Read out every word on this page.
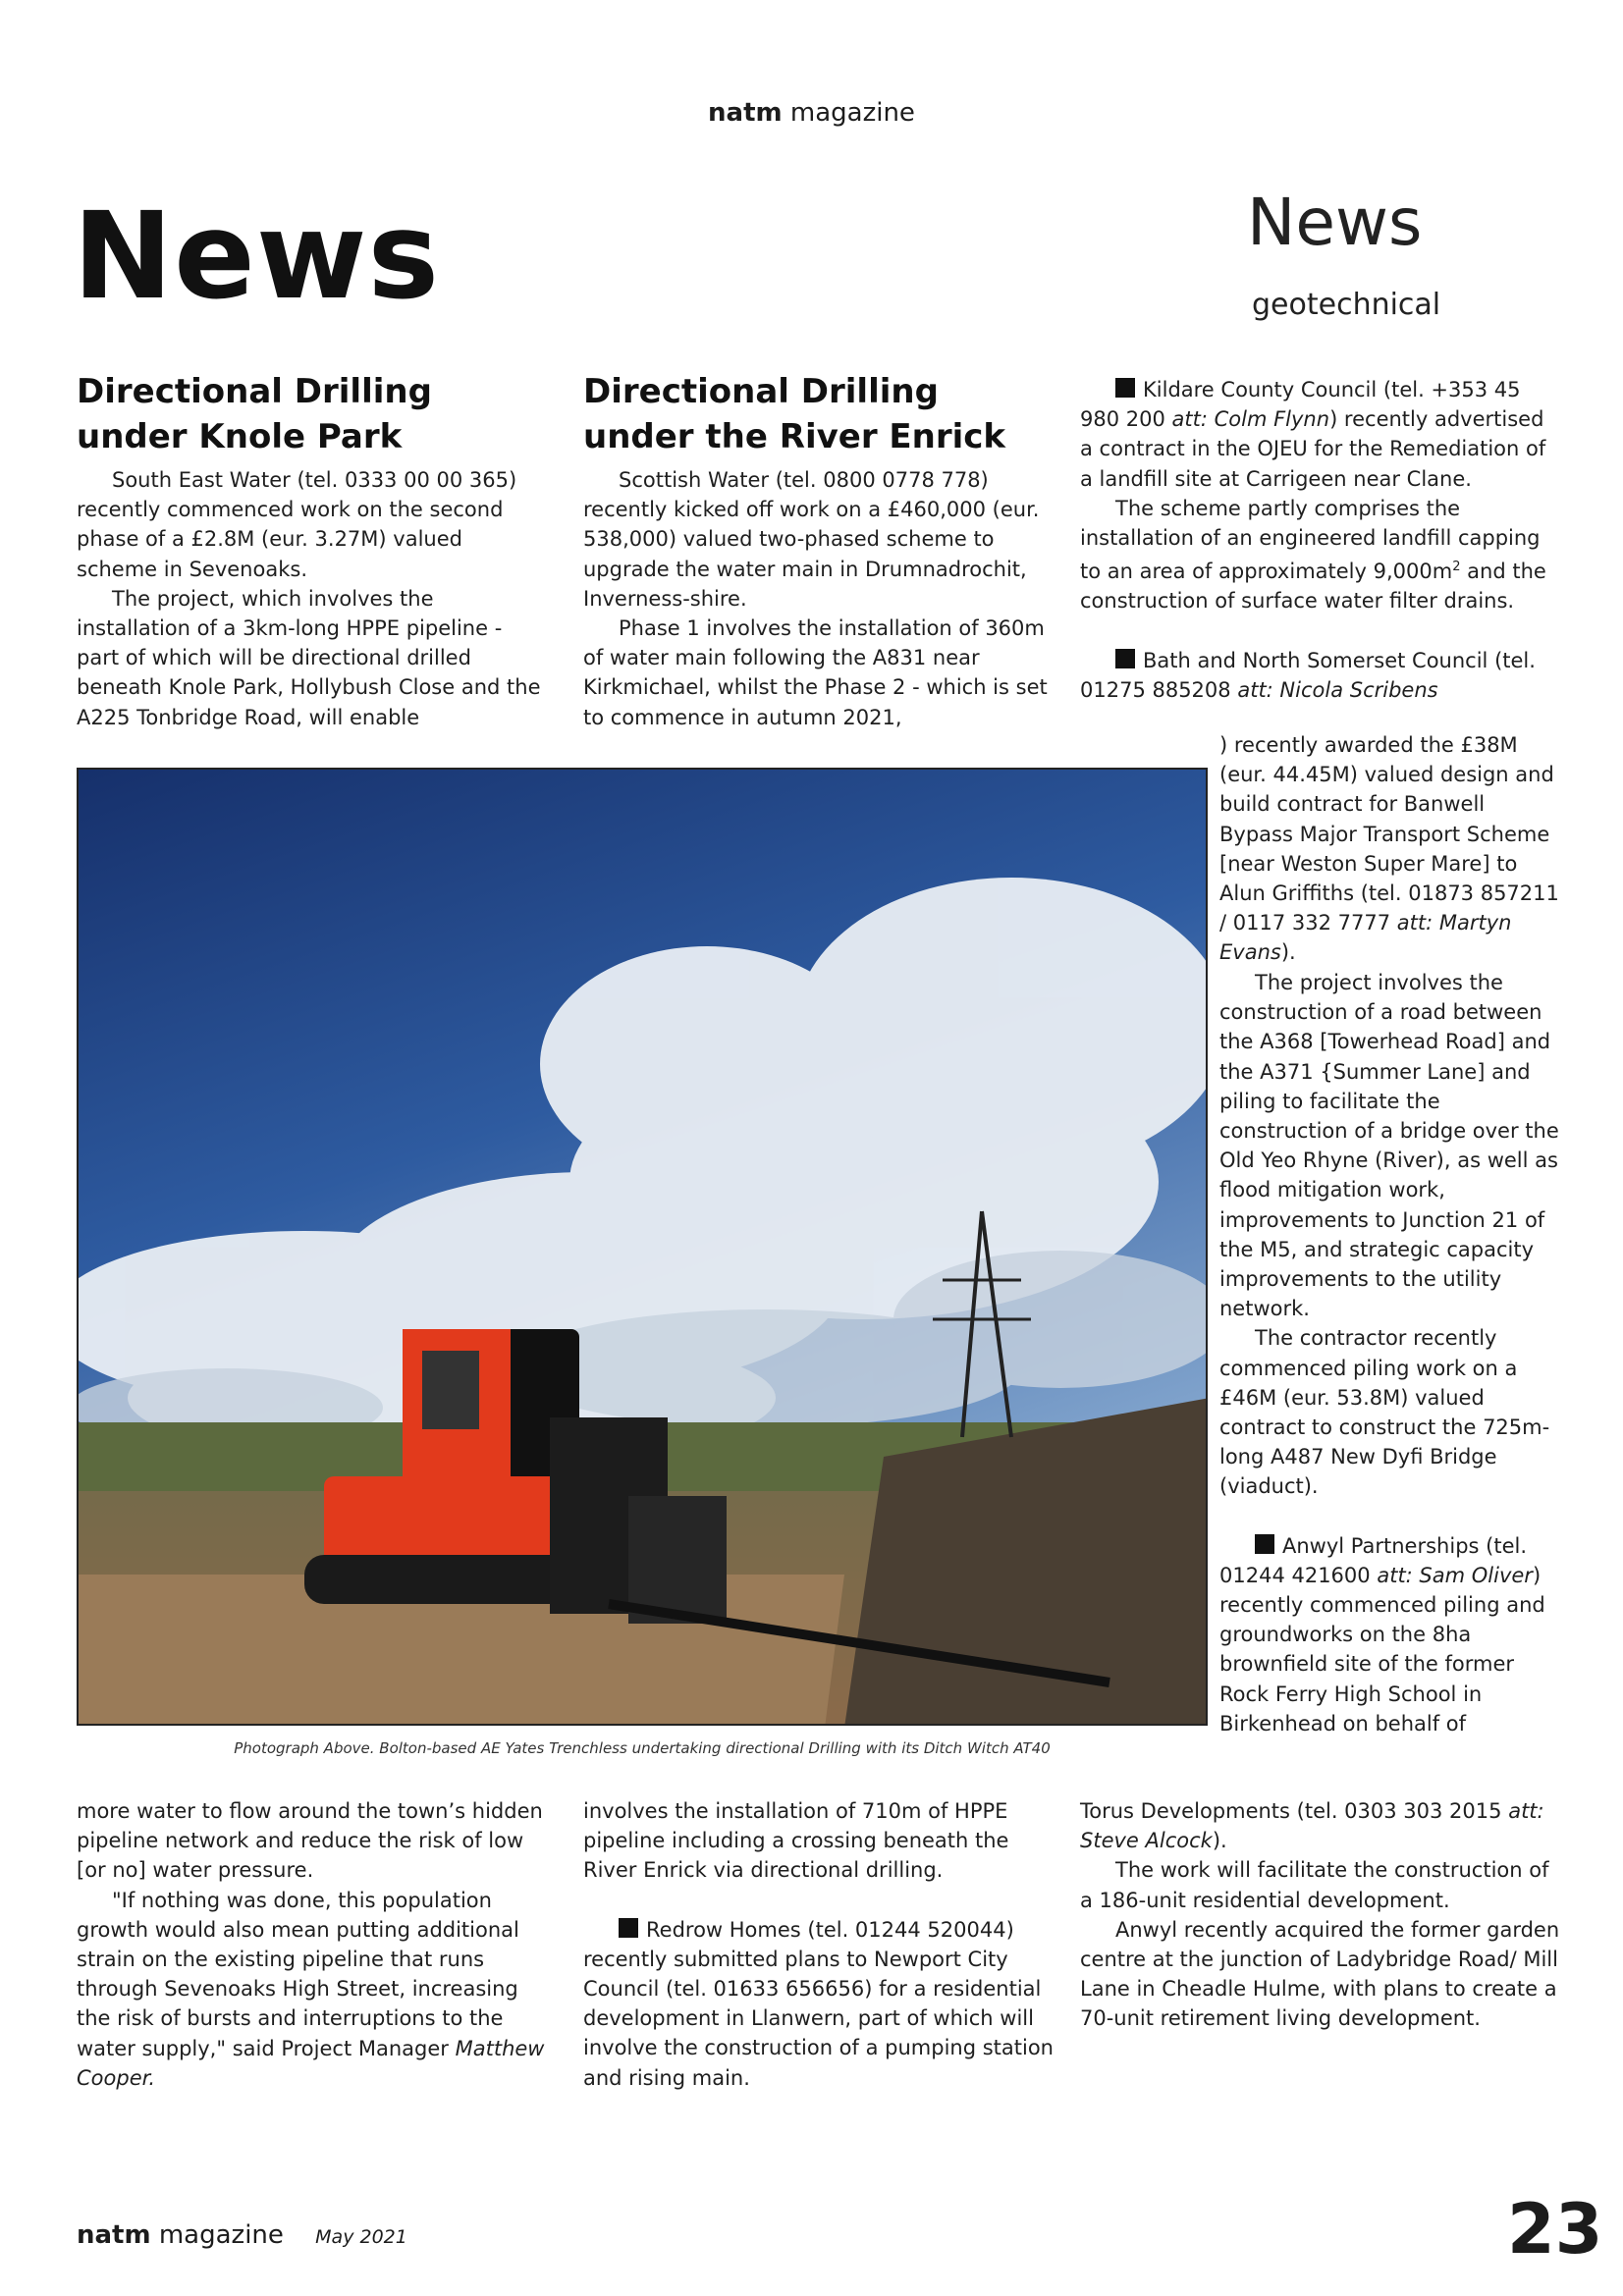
natm magazine
News	News
geotechnical
Directional Drilling
under Knole Park

South East Water (tel. 0333 00 00 365) recently commenced work on the second phase of a £2.8M (eur. 3.27M) valued scheme in Sevenoaks.

The project, which involves the installation of a 3km-long HPPE pipeline - part of which will be directional drilled beneath Knole Park, Hollybush Close and the A225 Tonbridge Road, will enable

Directional Drilling
under the River Enrick

Scottish Water (tel. 0800 0778 778) recently kicked off work on a £460,000 (eur. 538,000) valued two-phased scheme to upgrade the water main in Drumnadrochit, Inverness-shire.

Phase 1 involves the installation of 360m of water main following the A831 near Kirkmichael, whilst the Phase 2 - which is set to commence in autumn 2021,

Kildare County Council (tel. +353 45 980 200 att: Colm Flynn) recently advertised a contract in the OJEU for the Remediation of a landfill site at Carrigeen near Clane.

The scheme partly comprises the installation of an engineered landfill capping to an area of approximately $9,000m^2$ and the construction of surface water filter drains.

Bath and North Somerset Council (tel. 01275 885208 att: Nicola Scribens

Photograph Above. Bolton-based AE Yates Trenchless undertaking directional Drilling with its Ditch Witch AT40

) recently awarded the £38M (eur. 44.45M) valued design and build contract for Banwell Bypass Major Transport Scheme [near Weston Super Mare] to Alun Griffiths (tel. 01873 857211 / 0117 332 7777 att: Martyn Evans).

more water to flow around the town’s hidden pipeline network and reduce the risk of low [or no] water pressure.

"If nothing was done, this population growth would also mean putting additional strain on the existing pipeline that runs through Sevenoaks High Street, increasing the risk of bursts and interruptions to the water supply," said Project Manager Matthew Cooper.

involves the installation of 710m of HPPE pipeline including a crossing beneath the River Enrick via directional drilling.

Redrow Homes (tel. 01244 520044) recently submitted plans to Newport City Council (tel. 01633 656656) for a residential development in Llanwern, part of which will involve the construction of a pumping station and rising main.

The project involves the construction of a road between the A368 [Towerhead Road] and the A371 {Summer Lane] and piling to facilitate the construction of a bridge over the Old Yeo Rhyne (River), as well as flood mitigation work, improvements to Junction 21 of the M5, and strategic capacity improvements to the utility network.

The contractor recently commenced piling work on a £46M (eur. 53.8M) valued contract to construct the 725m-long A487 New Dyfi Bridge (viaduct).

Anwyl Partnerships (tel. 01244 421600 att: Sam Oliver) recently commenced piling and groundworks on the 8ha brownfield site of the former Rock Ferry High School in Birkenhead on behalf of

Torus Developments (tel. 0303 303 2015 att: Steve Alcock).

The work will facilitate the construction of a 186-unit residential development.

Anwyl recently acquired the former garden centre at the junction of Ladybridge Road/ Mill Lane in Cheadle Hulme, with plans to create a 70-unit retirement living development.

natm magazine May 2021	23
